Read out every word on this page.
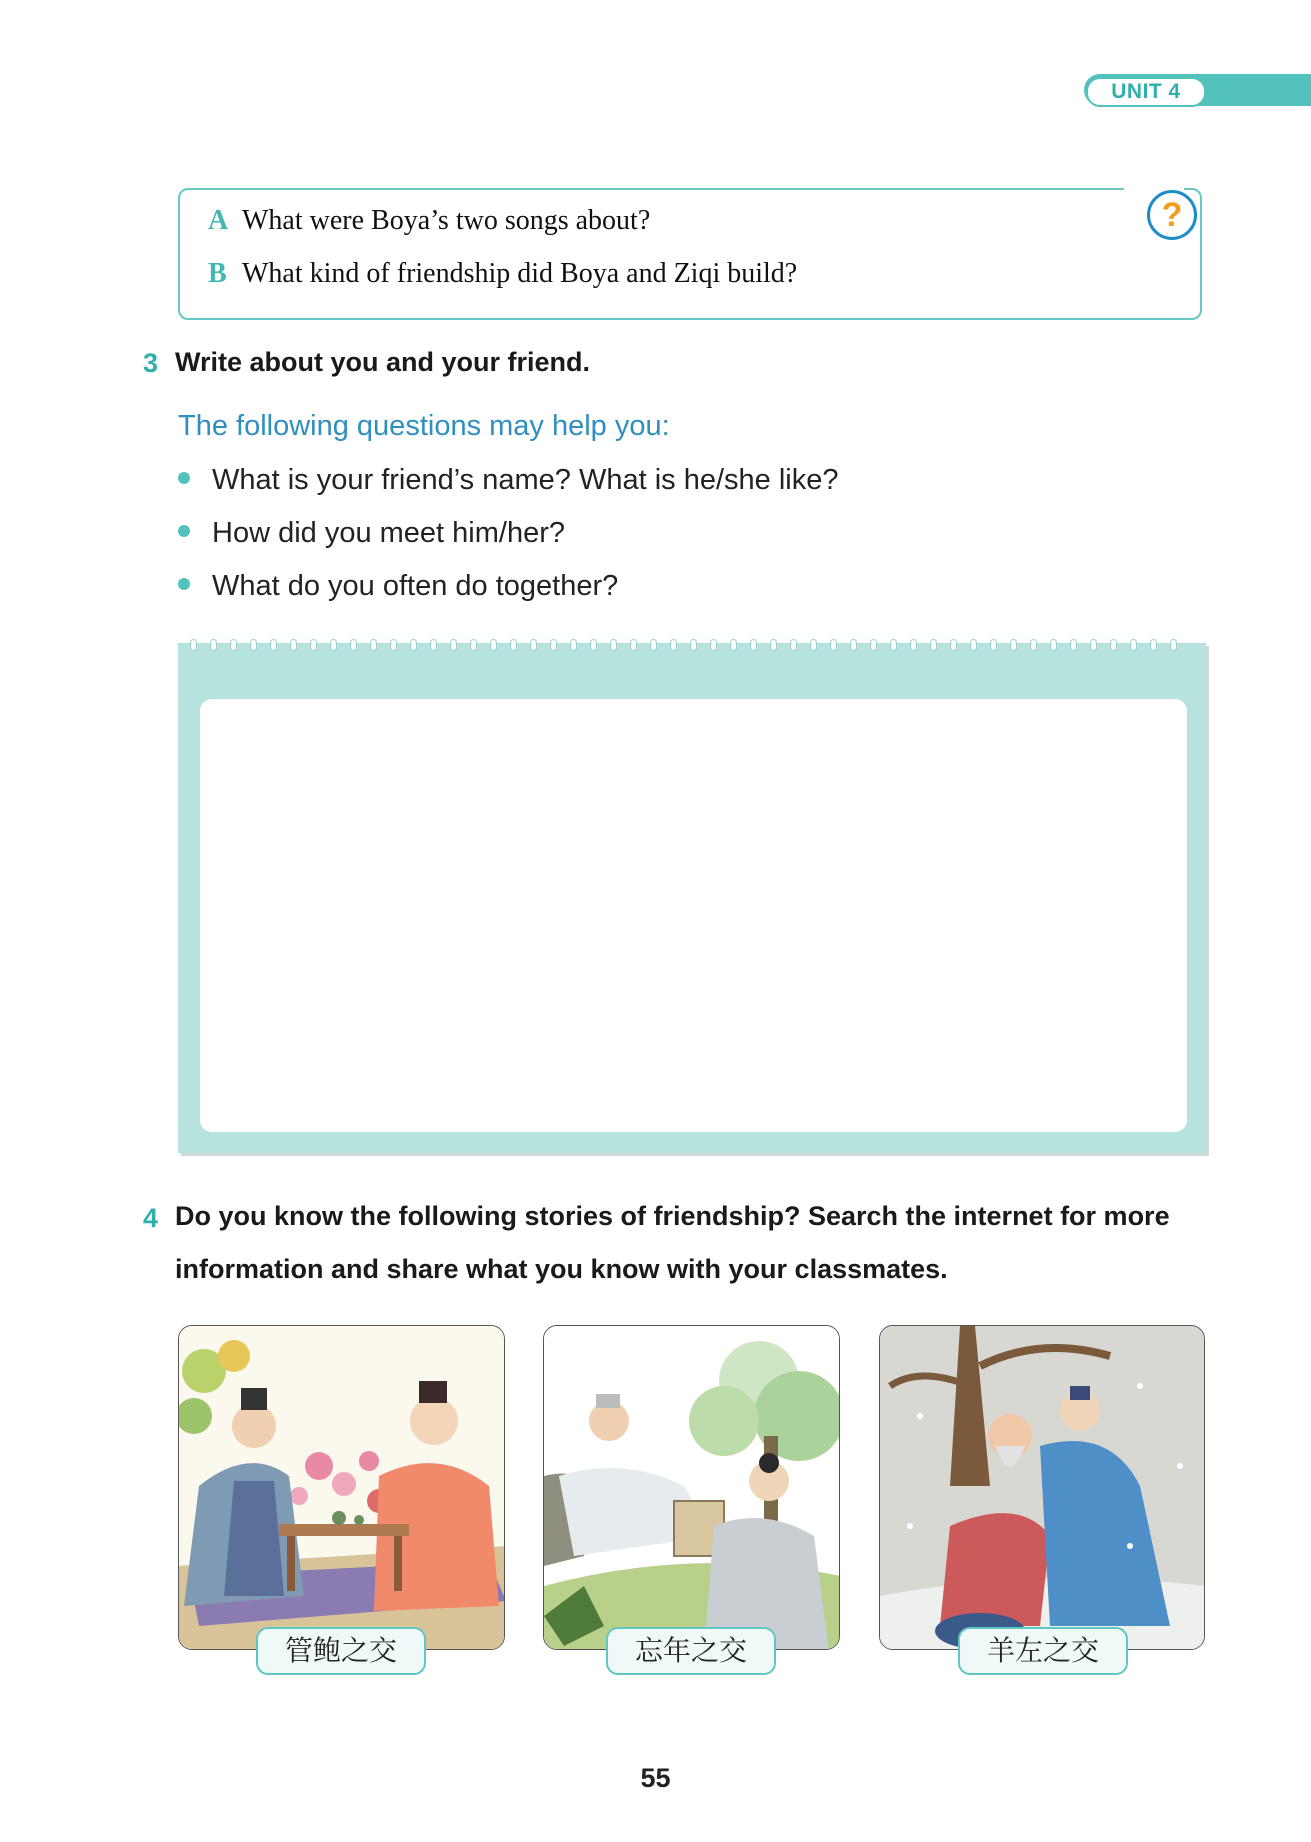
UNIT 4
?
A What were Boya’s two songs about?
B What kind of friendship did Boya and Ziqi build?
3 Write about you and your friend.
The following questions may help you:
What is your friend’s name? What is he/she like?
How did you meet him/her?
What do you often do together?
4 Do you know the following stories of friendship? Search the internet for more
information and share what you know with your classmates.
管鲍之交	忘年之交	羊左之交
55
